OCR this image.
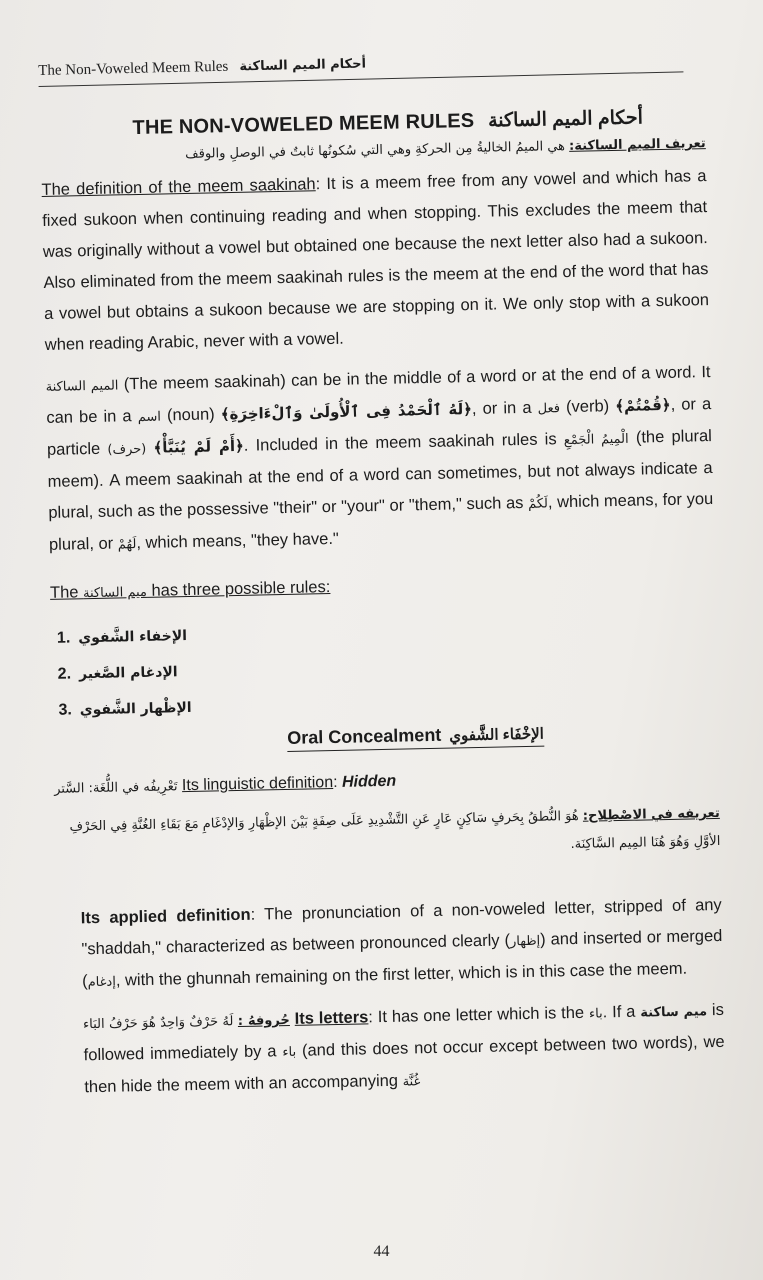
The Non-Voweled Meem Rules أحكام الميم الساكنة
THE NON-VOWELED MEEM RULES أحكام الميم الساكنة
تعريف الميم الساكنة: هي الميمُ الخاليةُ مِن الحركةِ وهي التي سُكونُها ثابتٌ في الوصلِ والوقف

The definition of the meem saakinah: It is a meem free from any vowel and which has a fixed sukoon when continuing reading and when stopping. This excludes the meem that was originally without a vowel but obtained one because the next letter also had a sukoon. Also eliminated from the meem saakinah rules is the meem at the end of the word that has a vowel but obtains a sukoon because we are stopping on it. We only stop with a sukoon when reading Arabic, never with a vowel.

الميم الساكنة (The meem saakinah) can be in the middle of a word or at the end of a word. It can be in a اسم (noun) ﴿لَهُ ٱلْحَمْدُ فِى ٱلْأُولَىٰ وَٱلْءَاخِرَةِ﴾, or in a فعل (verb) ﴿قُمْتُمْ﴾, or a particle (حرف) ﴿أَمْ لَمْ يُنَبَّأْ﴾. Included in the meem saakinah rules is الْمِيمُ الْجَمْعِ (the plural meem). A meem saakinah at the end of a word can sometimes, but not always indicate a plural, such as the possessive "their" or "your" or "them," such as لَكُمْ, which means, for you plural, or لَهُمْ, which means, "they have."

The ميم الساكنة has three possible rules:
1. الإخفاء الشَّفوي
2. الإدغام الصَّغير
3. الإظْهار الشَّفوي
Oral Concealment الإخْفَاء الشَّفوي
تَعْرِيفُه في اللُّغَة: السَّتر Its linguistic definition: Hidden
تعريفه في الاصْطِلاح: هُوَ النُّطقُ بِحَرفٍ سَاكِنٍ عَارٍ عَنِ التَّشْدِيدِ عَلَى صِفَةٍ بَيْنَ الإظْهَارِ وَالإدْغَامِ مَعَ بَقَاءِ الغُنَّةِ فِي الحَرْفِ الأوَّلِ وَهُوَ هُنَا المِيم السَّاكِنَة.

Its applied definition: The pronunciation of a non-voweled letter, stripped of any "shaddah," characterized as between pronounced clearly (إظهار) and inserted or merged (إدغام, with the ghunnah remaining on the first letter, which is in this case the meem.

حُروفهُ : لَهُ حَرْفٌ وَاحِدٌ هُوَ حَرْفُ البَاء	Its letters: It has one letter which is the باء. If a ميم ساكنة is followed immediately by a باء (and this does not occur except between two words), we then hide the meem with an accompanying غُنَّة

44
